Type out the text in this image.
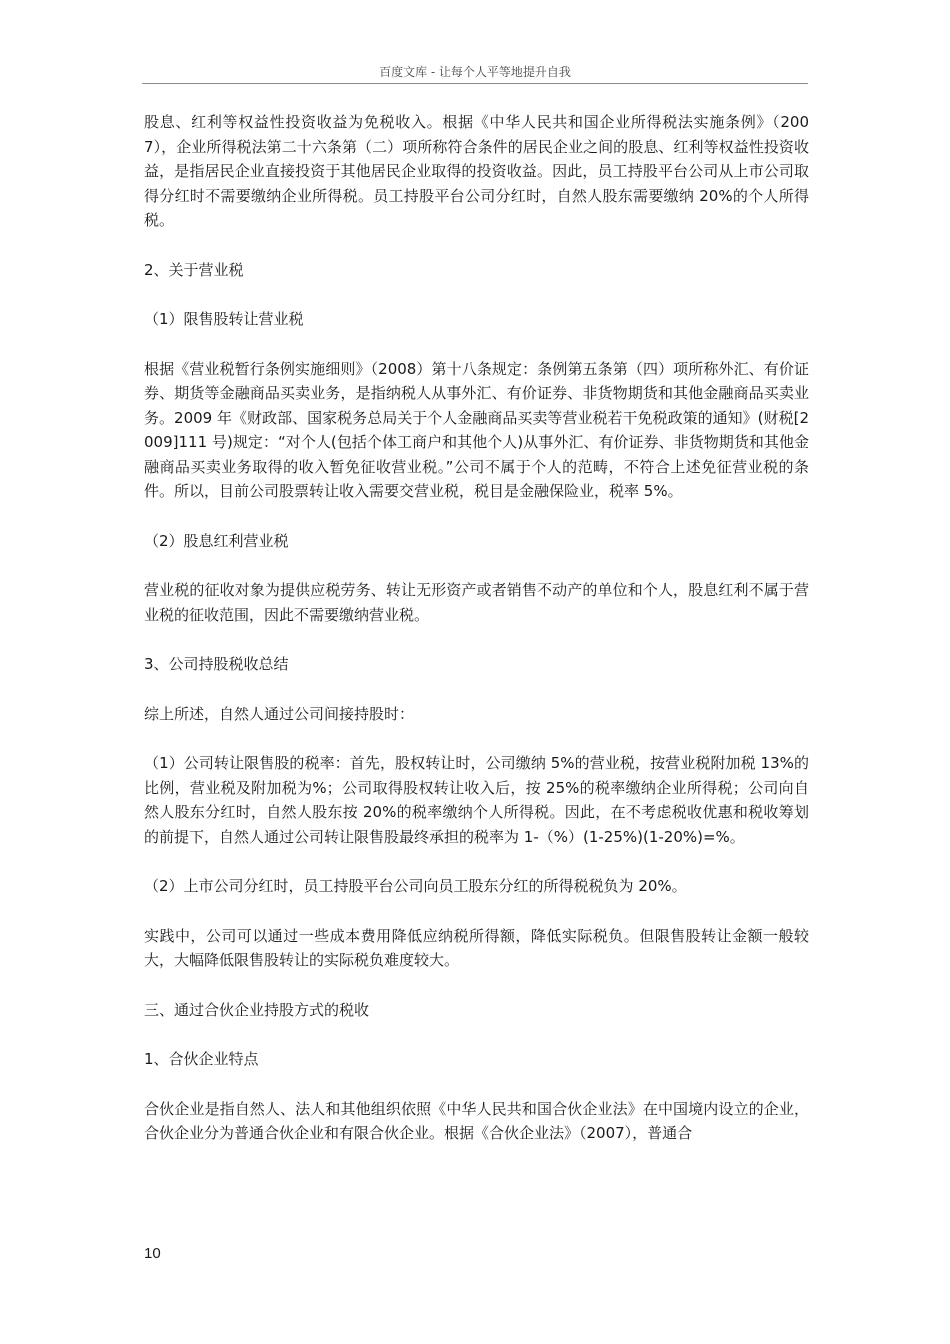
百度文库 - 让每个人平等地提升自我

股息、红利等权益性投资收益为免税收入。根据《中华人民共和国企业所得税法实施条例》（2007），企业所得税法第二十六条第（二）项所称符合条件的居民企业之间的股息、红利等权益性投资收益，是指居民企业直接投资于其他居民企业取得的投资收益。因此，员工持股平台公司从上市公司取得分红时不需要缴纳企业所得税。员工持股平台公司分红时，自然人股东需要缴纳 20%的个人所得税。

2、关于营业税

（1）限售股转让营业税

根据《营业税暂行条例实施细则》（2008）第十八条规定：条例第五条第（四）项所称外汇、有价证券、期货等金融商品买卖业务，是指纳税人从事外汇、有价证券、非货物期货和其他金融商品买卖业务。2009 年《财政部、国家税务总局关于个人金融商品买卖等营业税若干免税政策的通知》(财税[2009]111 号)规定：“对个人(包括个体工商户和其他个人)从事外汇、有价证券、非货物期货和其他金融商品买卖业务取得的收入暂免征收营业税。”公司不属于个人的范畴，不符合上述免征营业税的条件。所以，目前公司股票转让收入需要交营业税，税目是金融保险业，税率 5%。

（2）股息红利营业税

营业税的征收对象为提供应税劳务、转让无形资产或者销售不动产的单位和个人，股息红利不属于营业税的征收范围，因此不需要缴纳营业税。

3、公司持股税收总结

综上所述，自然人通过公司间接持股时：

（1）公司转让限售股的税率：首先，股权转让时，公司缴纳 5%的营业税，按营业税附加税 13%的比例，营业税及附加税为%；公司取得股权转让收入后，按 25%的税率缴纳企业所得税；公司向自然人股东分红时，自然人股东按 20%的税率缴纳个人所得税。因此，在不考虑税收优惠和税收筹划的前提下，自然人通过公司转让限售股最终承担的税率为 1-（%）(1-25%)(1-20%)=%。

（2）上市公司分红时，员工持股平台公司向员工股东分红的所得税税负为 20%。

实践中，公司可以通过一些成本费用降低应纳税所得额，降低实际税负。但限售股转让金额一般较大，大幅降低限售股转让的实际税负难度较大。

三、通过合伙企业持股方式的税收

1、合伙企业特点

合伙企业是指自然人、法人和其他组织依照《中华人民共和国合伙企业法》在中国境内设立的企业，合伙企业分为普通合伙企业和有限合伙企业。根据《合伙企业法》（2007），普通合

10
